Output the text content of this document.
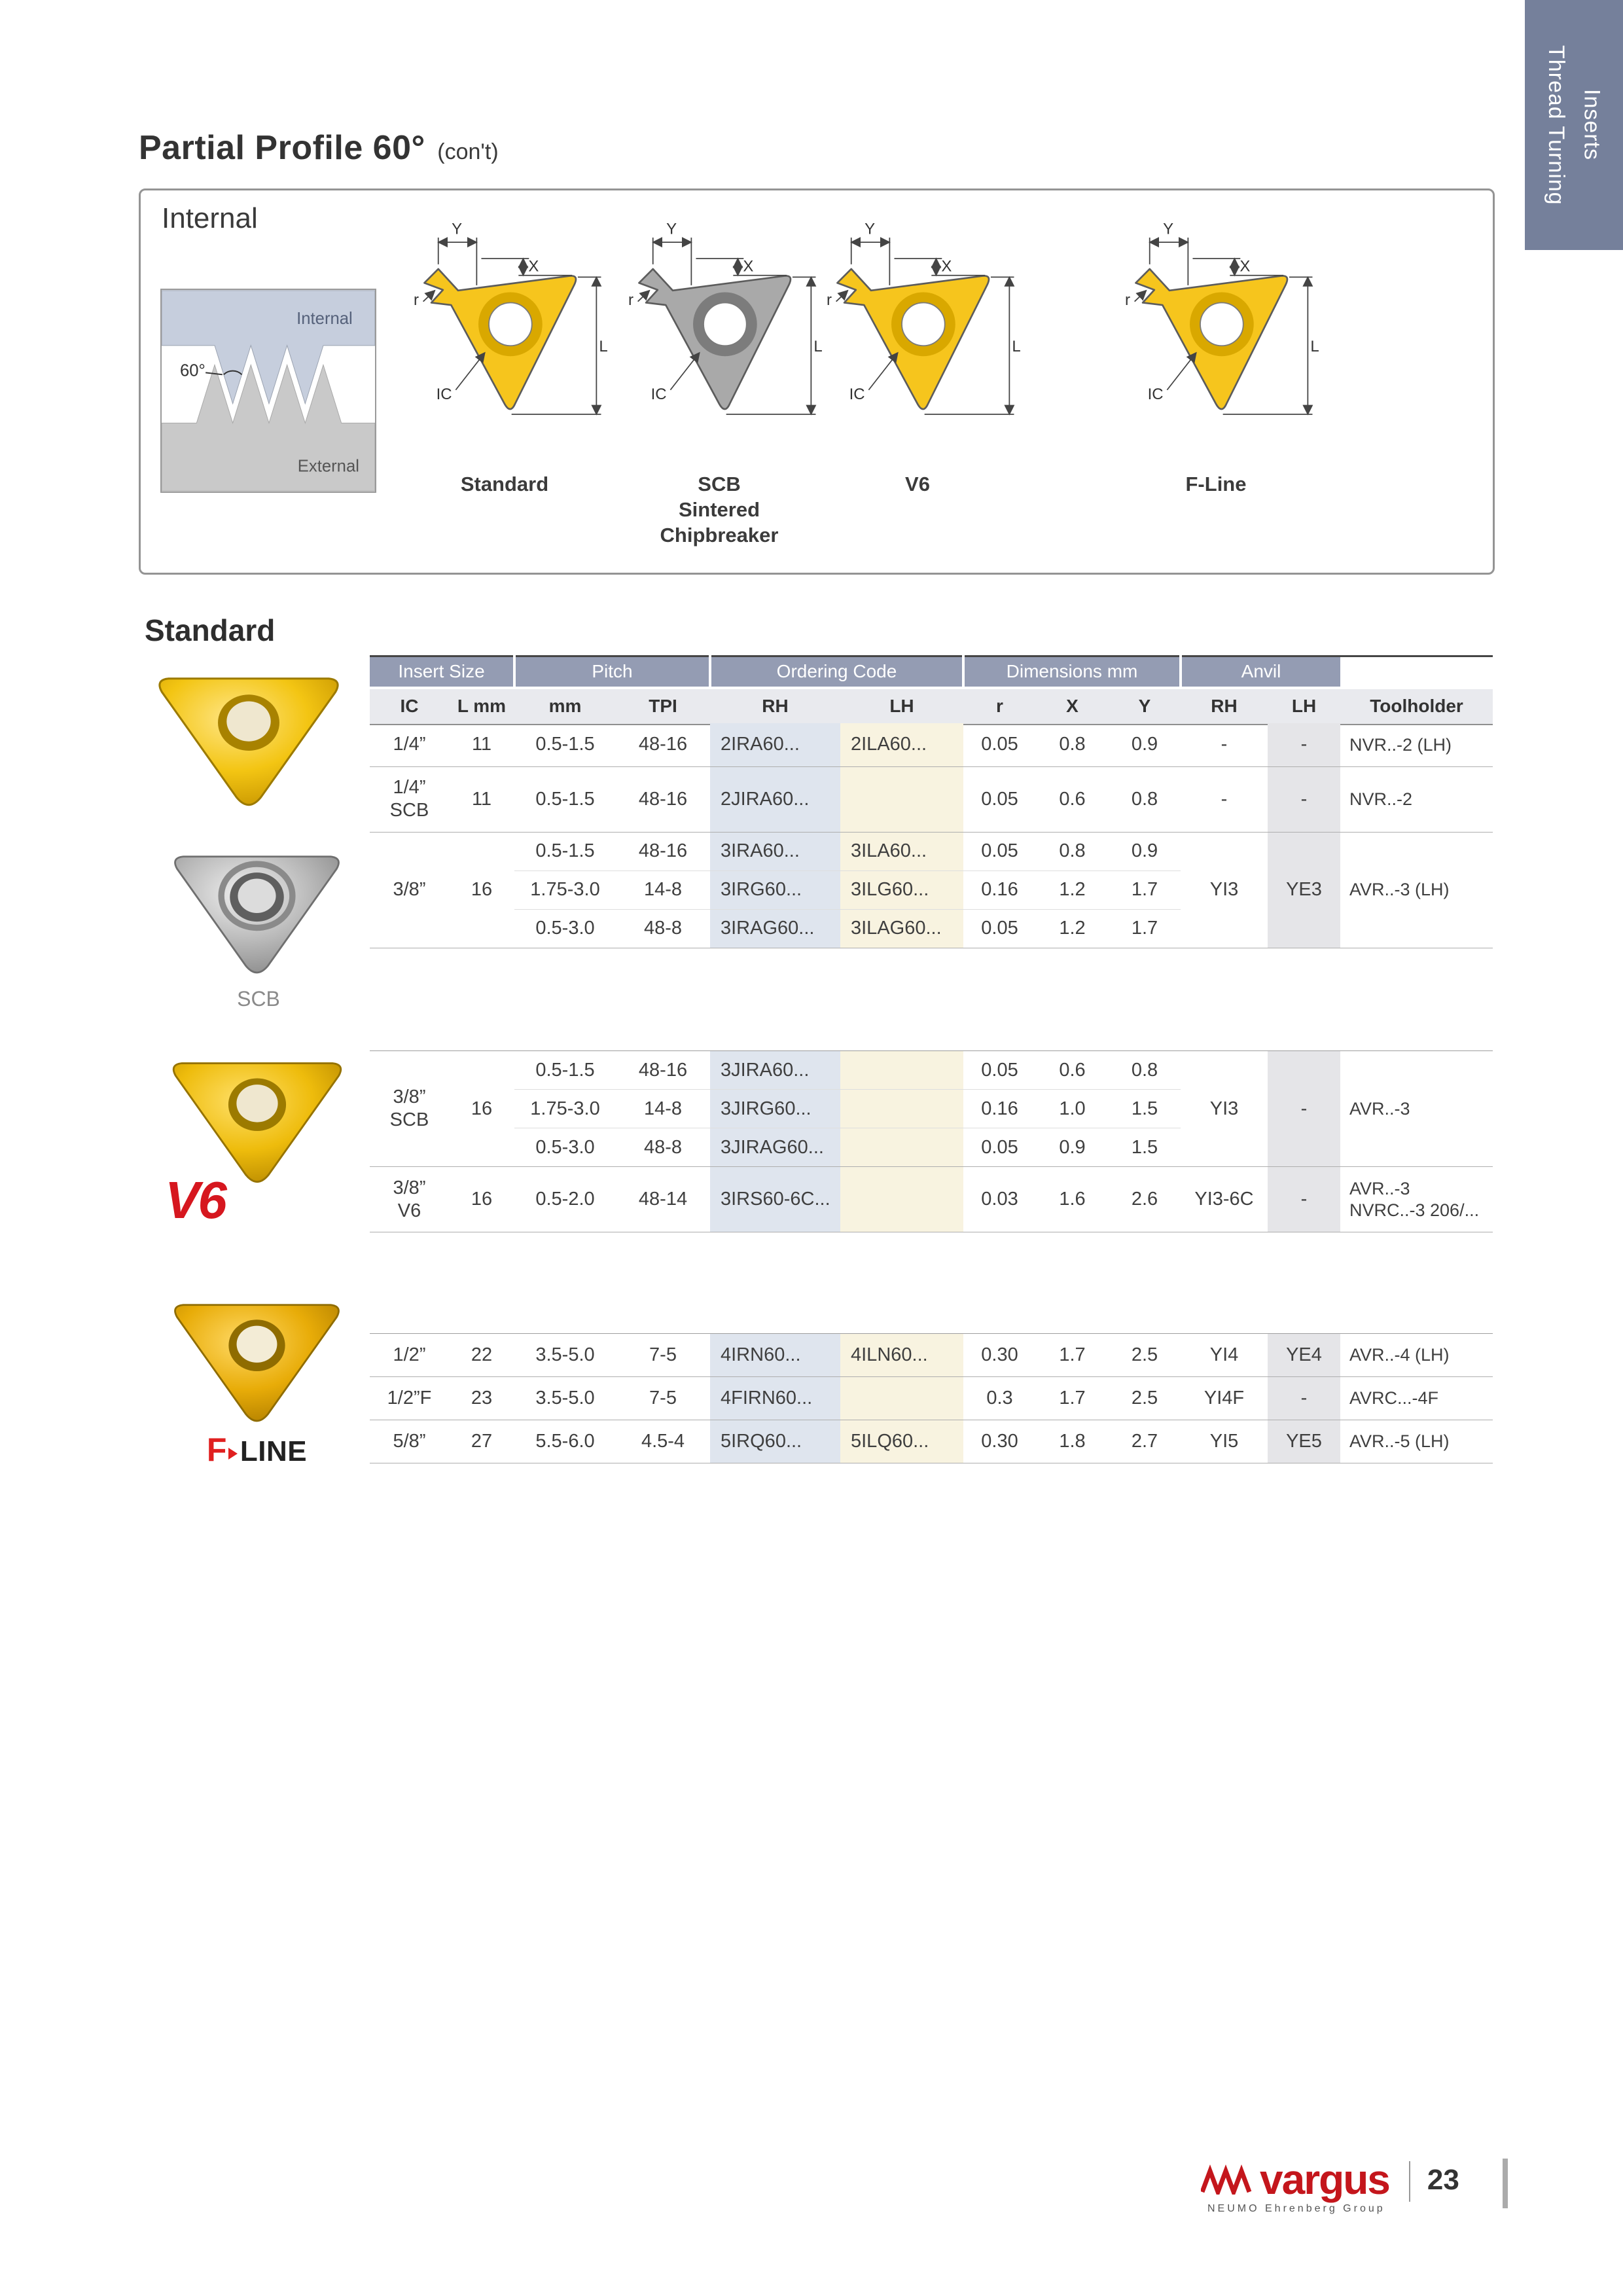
Thread Turning Inserts
Partial Profile 60° (con't)
Internal
Internal
External
60°
Y
X
r
L
IC
Standard
Y
X
r
L
IC
SCB
Sintered
Chipbreaker
Y
X
r
L
IC
V6
Y
X
r
L
IC
F-Line
Standard
SCB
V6
F LINE
Insert Size		Pitch		Ordering Code		Dimensions mm			Anvil		
IC	L mm	mm	TPI	RH	LH	r	X	Y	RH	LH	Toolholder
1/4”	11	0.5-1.5	48-16	2IRA60...	2ILA60...	0.05	0.8	0.9	-	-	NVR..-2 (LH)

1/4”
SCB	11	0.5-1.5	48-16	2JIRA60...		0.05	0.6	0.8	-	-	NVR..-2

3/8”	16	0.5-1.5	48-16	3IRA60...	3ILA60...	0.05	0.8	0.9	YI3	YE3	AVR..-3 (LH)

		1.75-3.0	14-8	3IRG60...	3ILG60...	0.16	1.2	1.7			
		0.5-3.0	48-8	3IRAG60...	3ILAG60...	0.05	1.2	1.7			
3/8”
SCB	16	0.5-1.5	48-16	3JIRA60...		0.05	0.6	0.8	YI3	-	AVR..-3

		1.75-3.0	14-8	3JIRG60...		0.16	1.0	1.5			
		0.5-3.0	48-8	3JIRAG60...		0.05	0.9	1.5			

3/8”
V6
	16	0.5-2.0	48-14	3IRS60-6C...		0.03	1.6	2.6	YI3-6C	-	AVR..-3
NVRC..-3 206/...
1/2”	22	3.5-5.0	7-5	4IRN60...	4ILN60...	0.30	1.7	2.5	YI4	YE4	AVR..-4 (LH)

1/2”F	23	3.5-5.0	7-5	4FIRN60...		0.3	1.7	2.5	YI4F	-	AVRC...-4F

5/8”	27	5.5-6.0	4.5-4	5IRQ60...	5ILQ60...	0.30	1.8	2.7	YI5	YE5	AVR..-5 (LH)
vargus
NEUMO Ehrenberg Group
23
